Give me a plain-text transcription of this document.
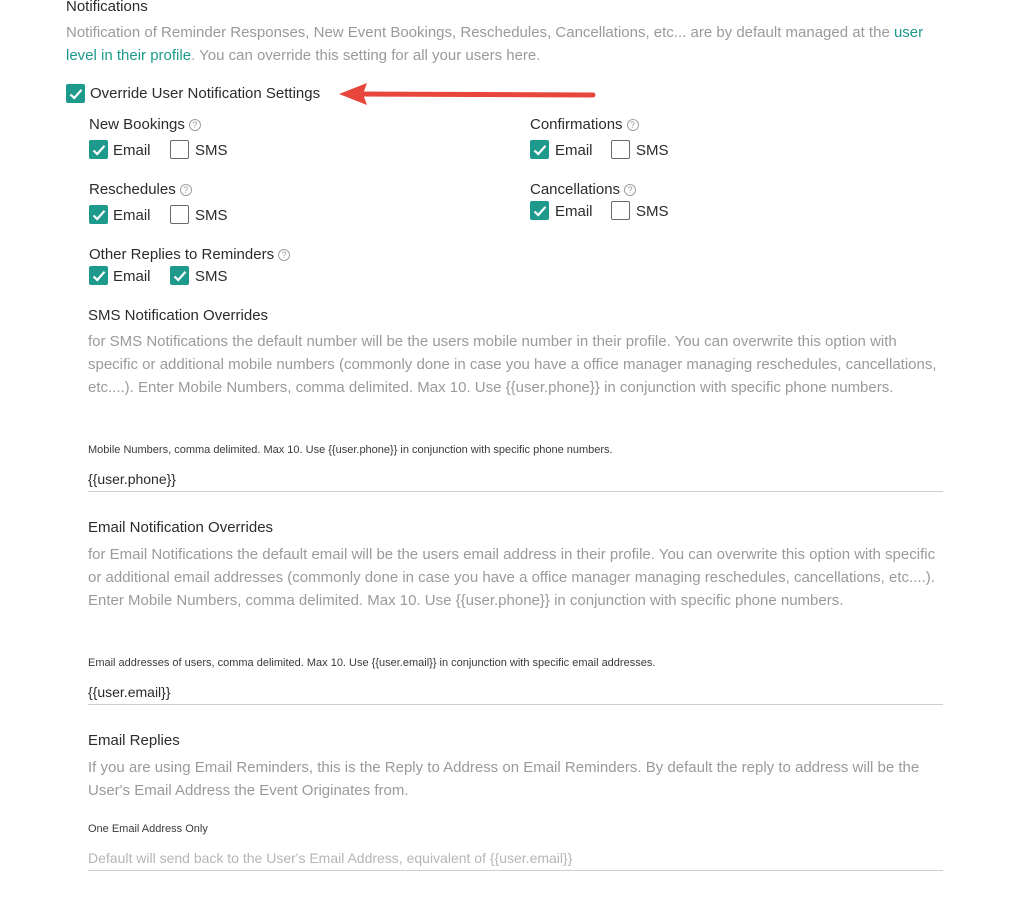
Notifications
Notification of Reminder Responses, New Event Bookings, Reschedules, Cancellations, etc... are by default managed at the user level in their profile. You can override this setting for all your users here.
Override User Notification Settings
New Bookings ?
Email	SMS
Confirmations ?
Email	SMS
Reschedules ?
Email	SMS
Cancellations ?
Email	SMS
Other Replies to Reminders ?
Email	SMS
SMS Notification Overrides
for SMS Notifications the default number will be the users mobile number in their profile. You can overwrite this option with specific or additional mobile numbers (commonly done in case you have a office manager managing reschedules, cancellations, etc....). Enter Mobile Numbers, comma delimited. Max 10. Use {{user.phone}} in conjunction with specific phone numbers.
Mobile Numbers, comma delimited. Max 10. Use {{user.phone}} in conjunction with specific phone numbers.
{{user.phone}}
Email Notification Overrides
for Email Notifications the default email will be the users email address in their profile. You can overwrite this option with specific or additional email addresses (commonly done in case you have a office manager managing reschedules, cancellations, etc....). Enter Mobile Numbers, comma delimited. Max 10. Use {{user.phone}} in conjunction with specific phone numbers.
Email addresses of users, comma delimited. Max 10. Use {{user.email}} in conjunction with specific email addresses.
{{user.email}}
Email Replies
If you are using Email Reminders, this is the Reply to Address on Email Reminders. By default the reply to address will be the User's Email Address the Event Originates from.
One Email Address Only
Default will send back to the User's Email Address, equivalent of {{user.email}}
